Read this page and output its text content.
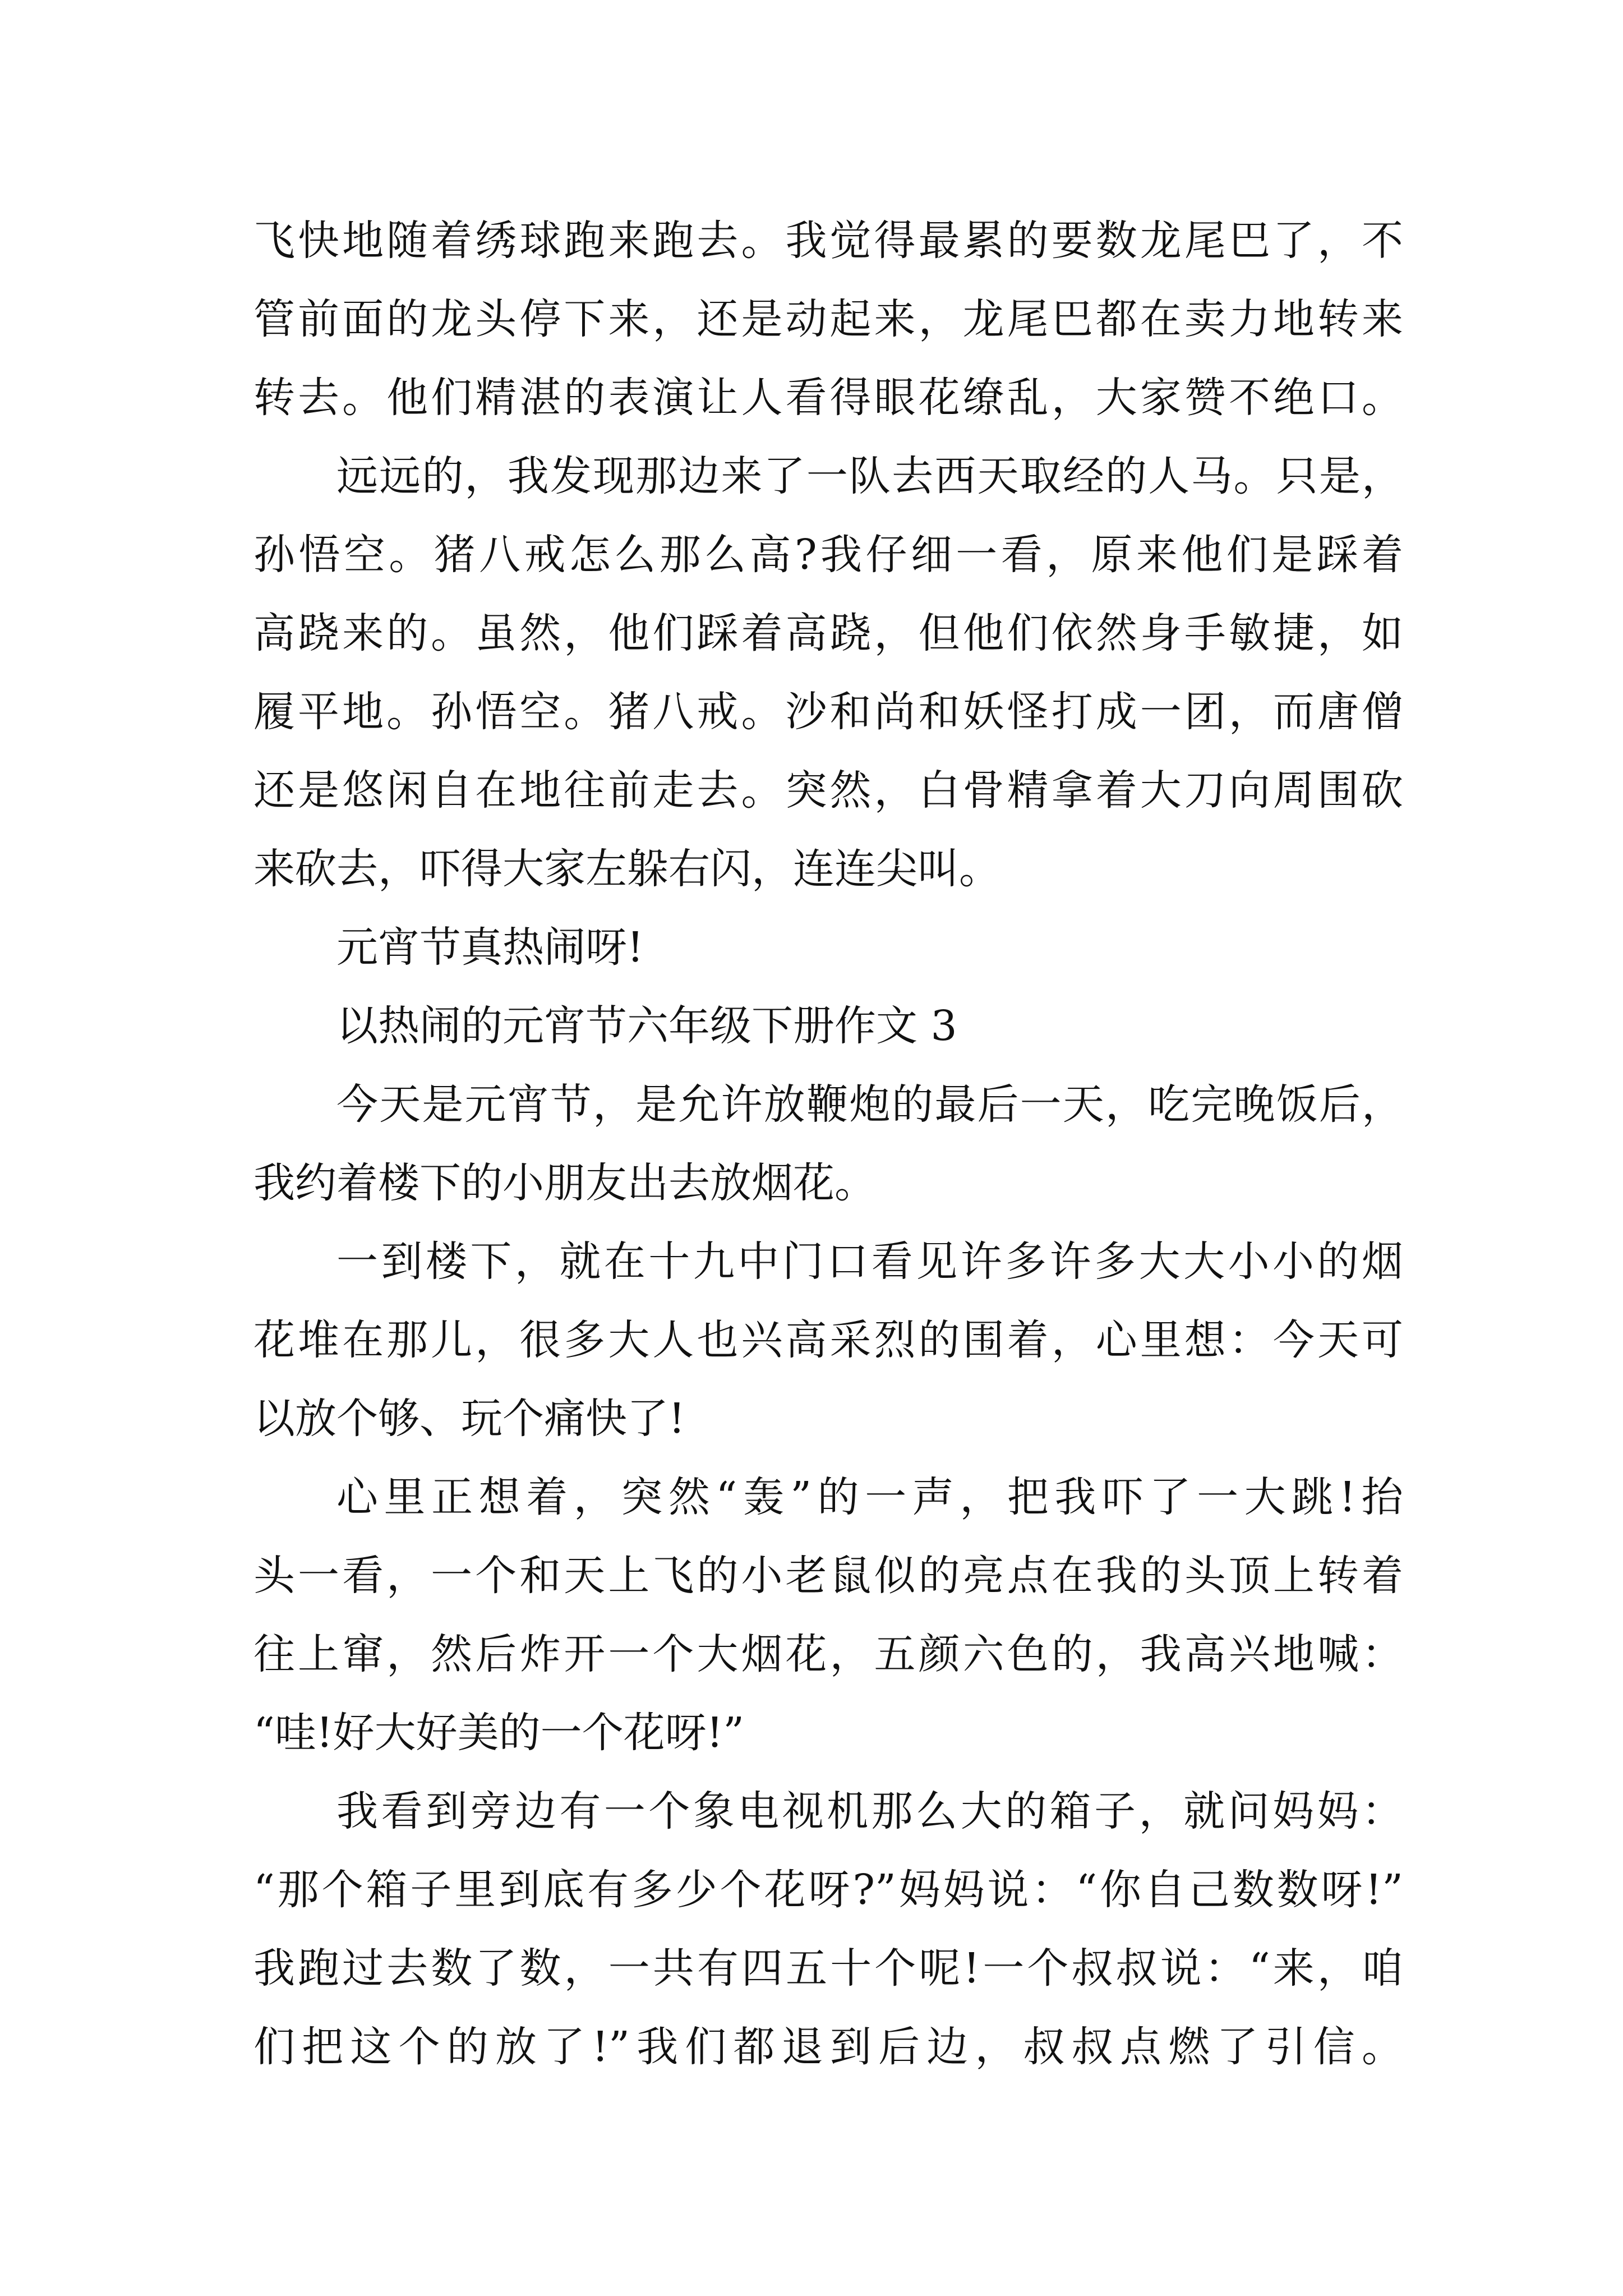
飞快地随着绣球跑来跑去。我觉得最累的要数龙尾巴了，不
管前面的龙头停下来，还是动起来，龙尾巴都在卖力地转来
转去。他们精湛的表演让人看得眼花缭乱，大家赞不绝口。
远远的，我发现那边来了一队去西天取经的人马。只是，
孙悟空。猪八戒怎么那么高?我仔细一看，原来他们是踩着
高跷来的。虽然，他们踩着高跷，但他们依然身手敏捷，如
履平地。孙悟空。猪八戒。沙和尚和妖怪打成一团，而唐僧
还是悠闲自在地往前走去。突然，白骨精拿着大刀向周围砍
来砍去，吓得大家左躲右闪，连连尖叫。
元宵节真热闹呀!
以热闹的元宵节六年级下册作文 3
今天是元宵节，是允许放鞭炮的最后一天，吃完晚饭后，
我约着楼下的小朋友出去放烟花。
一到楼下，就在十九中门口看见许多许多大大小小的烟
花堆在那儿，很多大人也兴高采烈的围着，心里想：今天可
以放个够、玩个痛快了!
心里正想着，突然“轰”的一声，把我吓了一大跳!抬
头一看，一个和天上飞的小老鼠似的亮点在我的头顶上转着
往上窜，然后炸开一个大烟花，五颜六色的，我高兴地喊：
“哇!好大好美的一个花呀!”
我看到旁边有一个象电视机那么大的箱子，就问妈妈：
“那个箱子里到底有多少个花呀?”妈妈说：“你自己数数呀!”
我跑过去数了数，一共有四五十个呢!一个叔叔说：“来，咱
们把这个的放了!”我们都退到后边，叔叔点燃了引信。
